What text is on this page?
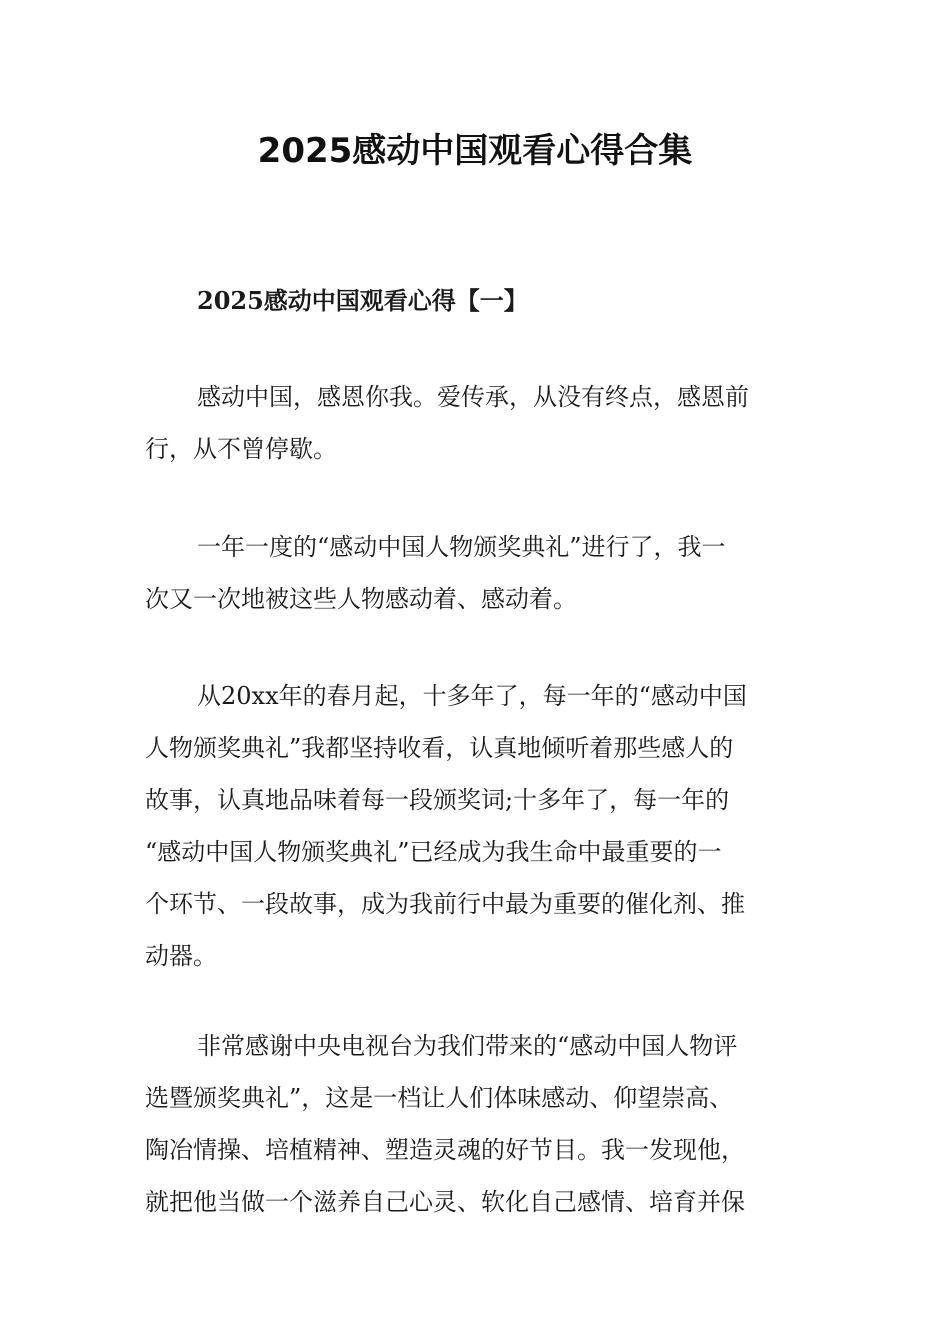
2025感动中国观看心得合集
2025感动中国观看心得【一】
感动中国，感恩你我。爱传承，从没有终点，感恩前
行，从不曾停歇。
一年一度的“感动中国人物颁奖典礼”进行了，我一
次又一次地被这些人物感动着、感动着。
从20xx年的春月起，十多年了，每一年的“感动中国
人物颁奖典礼”我都坚持收看，认真地倾听着那些感人的
故事，认真地品味着每一段颁奖词;十多年了，每一年的
“感动中国人物颁奖典礼”已经成为我生命中最重要的一
个环节、一段故事，成为我前行中最为重要的催化剂、推
动器。
非常感谢中央电视台为我们带来的“感动中国人物评
选暨颁奖典礼”，这是一档让人们体味感动、仰望崇高、
陶冶情操、培植精神、塑造灵魂的好节目。我一发现他，
就把他当做一个滋养自己心灵、软化自己感情、培育并保
